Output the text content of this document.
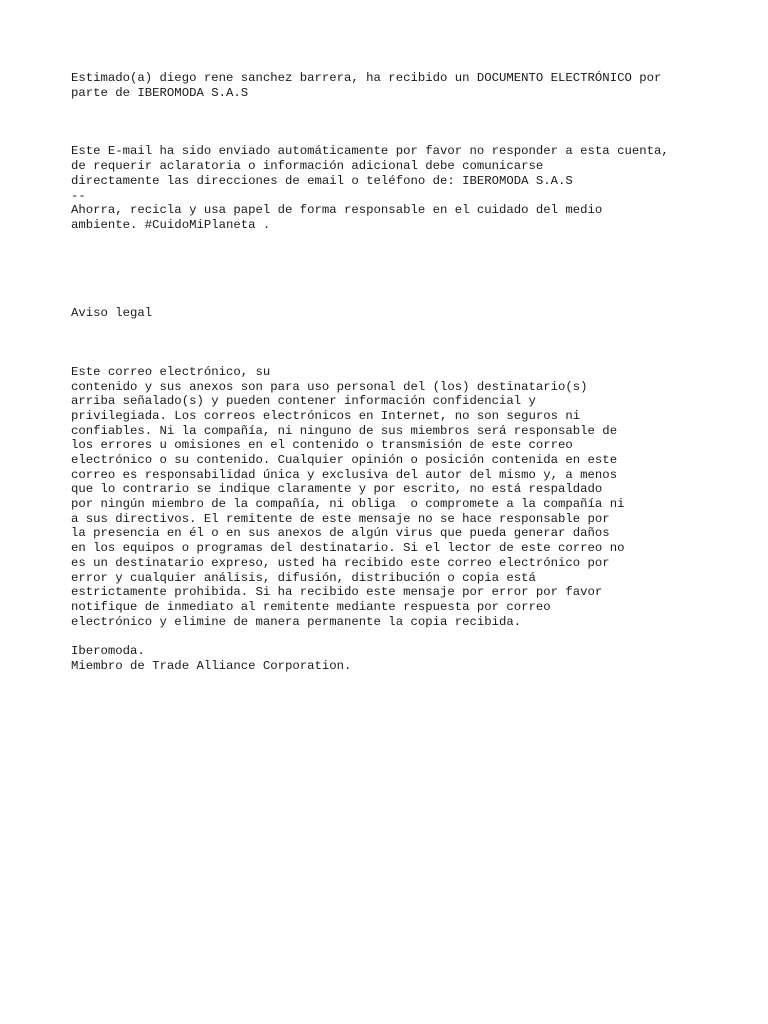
Estimado(a) diego rene sanchez barrera, ha recibido un DOCUMENTO ELECTRÓNICO por
parte de IBEROMODA S.A.S
Este E-mail ha sido enviado automáticamente por favor no responder a esta cuenta,
de requerir aclaratoria o información adicional debe comunicarse
directamente las direcciones de email o teléfono de: IBEROMODA S.A.S
--
Ahorra, recicla y usa papel de forma responsable en el cuidado del medio
ambiente. #CuidoMiPlaneta .
Aviso legal
Este correo electrónico, su
contenido y sus anexos son para uso personal del (los) destinatario(s)
arriba señalado(s) y pueden contener información confidencial y
privilegiada. Los correos electrónicos en Internet, no son seguros ni
confiables. Ni la compañía, ni ninguno de sus miembros será responsable de
los errores u omisiones en el contenido o transmisión de este correo
electrónico o su contenido. Cualquier opinión o posición contenida en este
correo es responsabilidad única y exclusiva del autor del mismo y, a menos
que lo contrario se indique claramente y por escrito, no está respaldado
por ningún miembro de la compañía, ni obliga  o compromete a la compañía ni
a sus directivos. El remitente de este mensaje no se hace responsable por
la presencia en él o en sus anexos de algún virus que pueda generar daños
en los equipos o programas del destinatario. Si el lector de este correo no
es un destinatario expreso, usted ha recibido este correo electrónico por
error y cualquier análisis, difusión, distribución o copia está
estrictamente prohibida. Si ha recibido este mensaje por error por favor
notifique de inmediato al remitente mediante respuesta por correo
electrónico y elimine de manera permanente la copia recibida.
Iberomoda.
Miembro de Trade Alliance Corporation.
